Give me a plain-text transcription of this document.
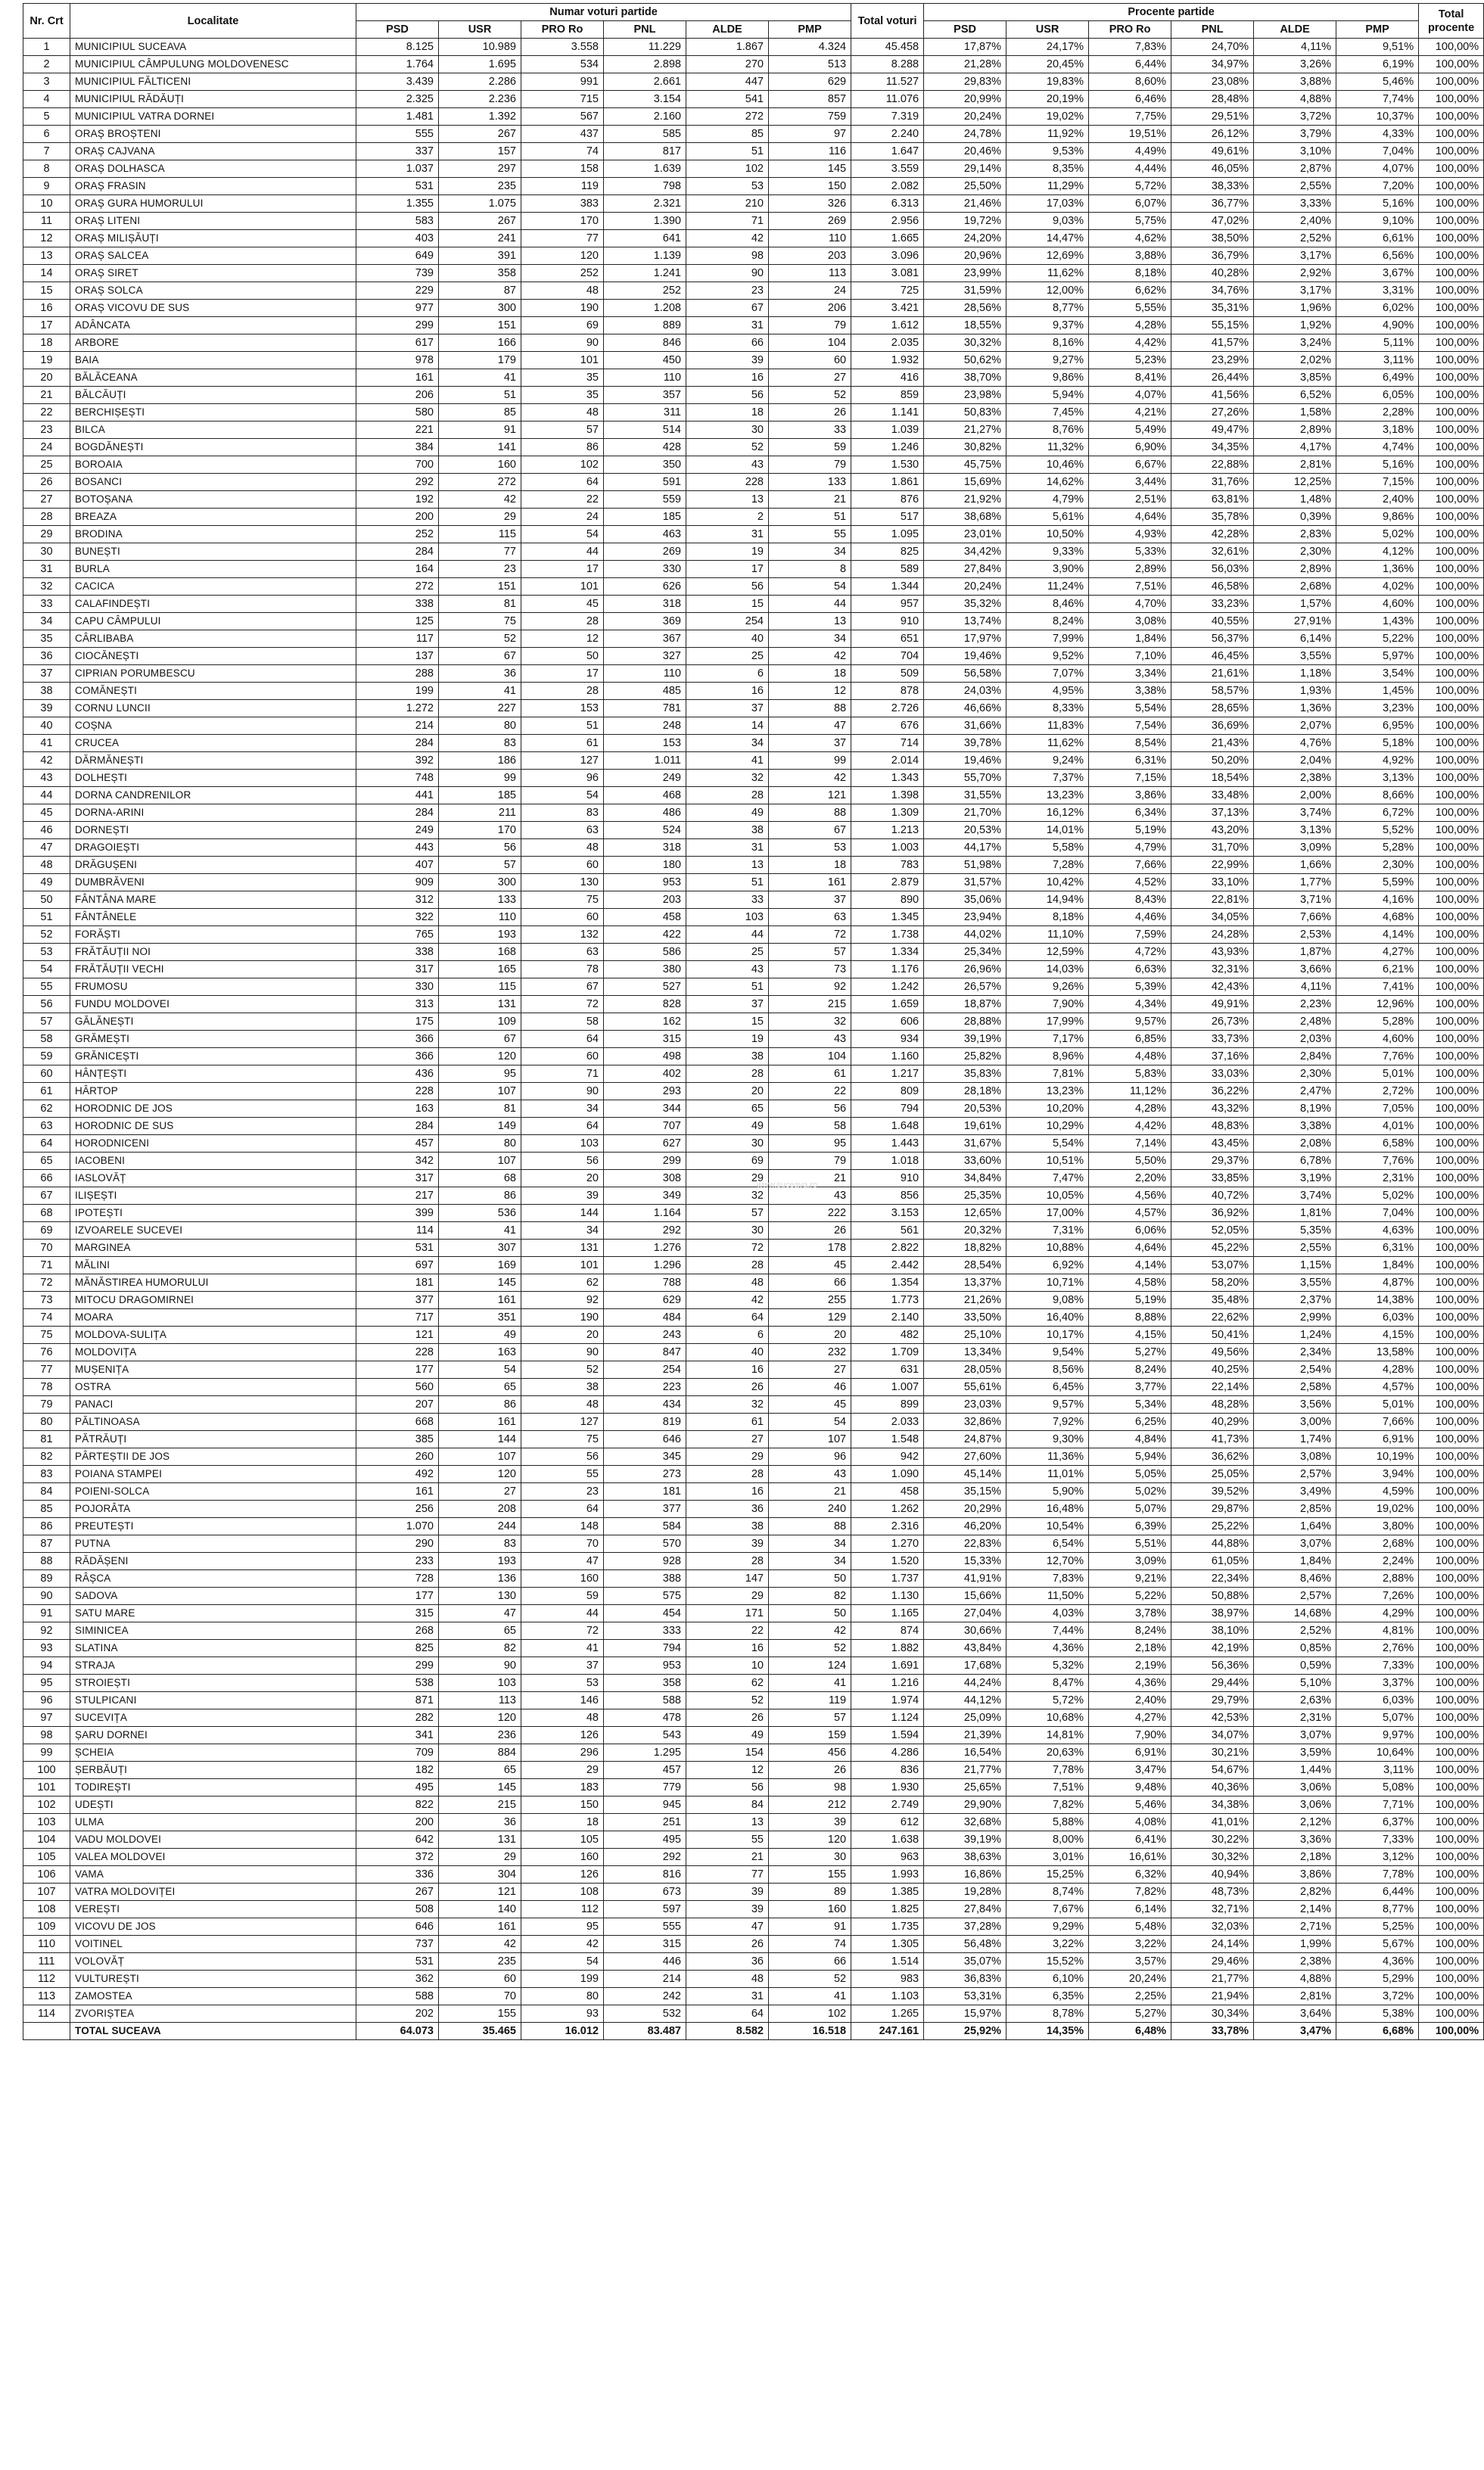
Nr. Crt	Localitate	Numar voturi partide						Total voturi	Procente partide						Total procente
		PSD	USR	PRO Ro	PNL	ALDE	PMP		PSD	USR	PRO Ro	PNL	ALDE	PMP	
1	MUNICIPIUL SUCEAVA	8.125	10.989	3.558	11.229	1.867	4.324	45.458	17,87%	24,17%	7,83%	24,70%	4,11%	9,51%	100,00%
2	MUNICIPIUL CÂMPULUNG MOLDOVENESC	1.764	1.695	534	2.898	270	513	8.288	21,28%	20,45%	6,44%	34,97%	3,26%	6,19%	100,00%
3	MUNICIPIUL FĂLTICENI	3.439	2.286	991	2.661	447	629	11.527	29,83%	19,83%	8,60%	23,08%	3,88%	5,46%	100,00%
4	MUNICIPIUL RĂDĂUȚI	2.325	2.236	715	3.154	541	857	11.076	20,99%	20,19%	6,46%	28,48%	4,88%	7,74%	100,00%
5	MUNICIPIUL VATRA DORNEI	1.481	1.392	567	2.160	272	759	7.319	20,24%	19,02%	7,75%	29,51%	3,72%	10,37%	100,00%
6	ORAȘ BROȘTENI	555	267	437	585	85	97	2.240	24,78%	11,92%	19,51%	26,12%	3,79%	4,33%	100,00%
7	ORAȘ CAJVANA	337	157	74	817	51	116	1.647	20,46%	9,53%	4,49%	49,61%	3,10%	7,04%	100,00%
8	ORAȘ DOLHASCA	1.037	297	158	1.639	102	145	3.559	29,14%	8,35%	4,44%	46,05%	2,87%	4,07%	100,00%
9	ORAȘ FRASIN	531	235	119	798	53	150	2.082	25,50%	11,29%	5,72%	38,33%	2,55%	7,20%	100,00%
10	ORAȘ GURA HUMORULUI	1.355	1.075	383	2.321	210	326	6.313	21,46%	17,03%	6,07%	36,77%	3,33%	5,16%	100,00%
11	ORAȘ LITENI	583	267	170	1.390	71	269	2.956	19,72%	9,03%	5,75%	47,02%	2,40%	9,10%	100,00%
12	ORAȘ MILIȘĂUȚI	403	241	77	641	42	110	1.665	24,20%	14,47%	4,62%	38,50%	2,52%	6,61%	100,00%
13	ORAȘ SALCEA	649	391	120	1.139	98	203	3.096	20,96%	12,69%	3,88%	36,79%	3,17%	6,56%	100,00%
14	ORAȘ SIRET	739	358	252	1.241	90	113	3.081	23,99%	11,62%	8,18%	40,28%	2,92%	3,67%	100,00%
15	ORAȘ SOLCA	229	87	48	252	23	24	725	31,59%	12,00%	6,62%	34,76%	3,17%	3,31%	100,00%
16	ORAȘ VICOVU DE SUS	977	300	190	1.208	67	206	3.421	28,56%	8,77%	5,55%	35,31%	1,96%	6,02%	100,00%
17	ADÂNCATA	299	151	69	889	31	79	1.612	18,55%	9,37%	4,28%	55,15%	1,92%	4,90%	100,00%
18	ARBORE	617	166	90	846	66	104	2.035	30,32%	8,16%	4,42%	41,57%	3,24%	5,11%	100,00%
19	BAIA	978	179	101	450	39	60	1.932	50,62%	9,27%	5,23%	23,29%	2,02%	3,11%	100,00%
20	BĂLĂCEANA	161	41	35	110	16	27	416	38,70%	9,86%	8,41%	26,44%	3,85%	6,49%	100,00%
21	BĂLCĂUȚI	206	51	35	357	56	52	859	23,98%	5,94%	4,07%	41,56%	6,52%	6,05%	100,00%
22	BERCHIȘEȘTI	580	85	48	311	18	26	1.141	50,83%	7,45%	4,21%	27,26%	1,58%	2,28%	100,00%
23	BILCA	221	91	57	514	30	33	1.039	21,27%	8,76%	5,49%	49,47%	2,89%	3,18%	100,00%
24	BOGDĂNEȘTI	384	141	86	428	52	59	1.246	30,82%	11,32%	6,90%	34,35%	4,17%	4,74%	100,00%
25	BOROAIA	700	160	102	350	43	79	1.530	45,75%	10,46%	6,67%	22,88%	2,81%	5,16%	100,00%
26	BOSANCI	292	272	64	591	228	133	1.861	15,69%	14,62%	3,44%	31,76%	12,25%	7,15%	100,00%
27	BOTOȘANA	192	42	22	559	13	21	876	21,92%	4,79%	2,51%	63,81%	1,48%	2,40%	100,00%
28	BREAZA	200	29	24	185	2	51	517	38,68%	5,61%	4,64%	35,78%	0,39%	9,86%	100,00%
29	BRODINA	252	115	54	463	31	55	1.095	23,01%	10,50%	4,93%	42,28%	2,83%	5,02%	100,00%
30	BUNEȘTI	284	77	44	269	19	34	825	34,42%	9,33%	5,33%	32,61%	2,30%	4,12%	100,00%
31	BURLA	164	23	17	330	17	8	589	27,84%	3,90%	2,89%	56,03%	2,89%	1,36%	100,00%
32	CACICA	272	151	101	626	56	54	1.344	20,24%	11,24%	7,51%	46,58%	2,68%	4,02%	100,00%
33	CALAFINDEȘTI	338	81	45	318	15	44	957	35,32%	8,46%	4,70%	33,23%	1,57%	4,60%	100,00%
34	CAPU CÂMPULUI	125	75	28	369	254	13	910	13,74%	8,24%	3,08%	40,55%	27,91%	1,43%	100,00%
35	CÂRLIBABA	117	52	12	367	40	34	651	17,97%	7,99%	1,84%	56,37%	6,14%	5,22%	100,00%
36	CIOCĂNEȘTI	137	67	50	327	25	42	704	19,46%	9,52%	7,10%	46,45%	3,55%	5,97%	100,00%
37	CIPRIAN PORUMBESCU	288	36	17	110	6	18	509	56,58%	7,07%	3,34%	21,61%	1,18%	3,54%	100,00%
38	COMĂNEȘTI	199	41	28	485	16	12	878	24,03%	4,95%	3,38%	58,57%	1,93%	1,45%	100,00%
39	CORNU LUNCII	1.272	227	153	781	37	88	2.726	46,66%	8,33%	5,54%	28,65%	1,36%	3,23%	100,00%
40	COȘNA	214	80	51	248	14	47	676	31,66%	11,83%	7,54%	36,69%	2,07%	6,95%	100,00%
41	CRUCEA	284	83	61	153	34	37	714	39,78%	11,62%	8,54%	21,43%	4,76%	5,18%	100,00%
42	DĂRMĂNEȘTI	392	186	127	1.011	41	99	2.014	19,46%	9,24%	6,31%	50,20%	2,04%	4,92%	100,00%
43	DOLHEȘTI	748	99	96	249	32	42	1.343	55,70%	7,37%	7,15%	18,54%	2,38%	3,13%	100,00%
44	DORNA CANDRENILOR	441	185	54	468	28	121	1.398	31,55%	13,23%	3,86%	33,48%	2,00%	8,66%	100,00%
45	DORNA-ARINI	284	211	83	486	49	88	1.309	21,70%	16,12%	6,34%	37,13%	3,74%	6,72%	100,00%
46	DORNEȘTI	249	170	63	524	38	67	1.213	20,53%	14,01%	5,19%	43,20%	3,13%	5,52%	100,00%
47	DRAGOIEȘTI	443	56	48	318	31	53	1.003	44,17%	5,58%	4,79%	31,70%	3,09%	5,28%	100,00%
48	DRĂGUȘENI	407	57	60	180	13	18	783	51,98%	7,28%	7,66%	22,99%	1,66%	2,30%	100,00%
49	DUMBRĂVENI	909	300	130	953	51	161	2.879	31,57%	10,42%	4,52%	33,10%	1,77%	5,59%	100,00%
50	FÂNTÂNA MARE	312	133	75	203	33	37	890	35,06%	14,94%	8,43%	22,81%	3,71%	4,16%	100,00%
51	FÂNTÂNELE	322	110	60	458	103	63	1.345	23,94%	8,18%	4,46%	34,05%	7,66%	4,68%	100,00%
52	FORĂȘTI	765	193	132	422	44	72	1.738	44,02%	11,10%	7,59%	24,28%	2,53%	4,14%	100,00%
53	FRĂTĂUȚII NOI	338	168	63	586	25	57	1.334	25,34%	12,59%	4,72%	43,93%	1,87%	4,27%	100,00%
54	FRĂTĂUȚII VECHI	317	165	78	380	43	73	1.176	26,96%	14,03%	6,63%	32,31%	3,66%	6,21%	100,00%
55	FRUMOSU	330	115	67	527	51	92	1.242	26,57%	9,26%	5,39%	42,43%	4,11%	7,41%	100,00%
56	FUNDU MOLDOVEI	313	131	72	828	37	215	1.659	18,87%	7,90%	4,34%	49,91%	2,23%	12,96%	100,00%
57	GĂLĂNEȘTI	175	109	58	162	15	32	606	28,88%	17,99%	9,57%	26,73%	2,48%	5,28%	100,00%
58	GRĂMEȘTI	366	67	64	315	19	43	934	39,19%	7,17%	6,85%	33,73%	2,03%	4,60%	100,00%
59	GRĂNICEȘTI	366	120	60	498	38	104	1.160	25,82%	8,96%	4,48%	37,16%	2,84%	7,76%	100,00%
60	HÂNȚEȘTI	436	95	71	402	28	61	1.217	35,83%	7,81%	5,83%	33,03%	2,30%	5,01%	100,00%
61	HÂRTOP	228	107	90	293	20	22	809	28,18%	13,23%	11,12%	36,22%	2,47%	2,72%	100,00%
62	HORODNIC DE JOS	163	81	34	344	65	56	794	20,53%	10,20%	4,28%	43,32%	8,19%	7,05%	100,00%
63	HORODNIC DE SUS	284	149	64	707	49	58	1.648	19,61%	10,29%	4,42%	48,83%	3,38%	4,01%	100,00%
64	HORODNICENI	457	80	103	627	30	95	1.443	31,67%	5,54%	7,14%	43,45%	2,08%	6,58%	100,00%
65	IACOBENI	342	107	56	299	69	79	1.018	33,60%	10,51%	5,50%	29,37%	6,78%	7,76%	100,00%
66	IASLOVĂȚ	317	68	20	308	29	21	910	34,84%	7,47%	2,20%	33,85%	3,19%	2,31%	100,00%
67	ILIȘEȘTI	217	86	39	349	32	43	856	25,35%	10,05%	4,56%	40,72%	3,74%	5,02%	100,00%
68	IPOTEȘTI	399	536	144	1.164	57	222	3.153	12,65%	17,00%	4,57%	36,92%	1,81%	7,04%	100,00%
69	IZVOARELE SUCEVEI	114	41	34	292	30	26	561	20,32%	7,31%	6,06%	52,05%	5,35%	4,63%	100,00%
70	MARGINEA	531	307	131	1.276	72	178	2.822	18,82%	10,88%	4,64%	45,22%	2,55%	6,31%	100,00%
71	MĂLINI	697	169	101	1.296	28	45	2.442	28,54%	6,92%	4,14%	53,07%	1,15%	1,84%	100,00%
72	MĂNĂSTIREA HUMORULUI	181	145	62	788	48	66	1.354	13,37%	10,71%	4,58%	58,20%	3,55%	4,87%	100,00%
73	MITOCU DRAGOMIRNEI	377	161	92	629	42	255	1.773	21,26%	9,08%	5,19%	35,48%	2,37%	14,38%	100,00%
74	MOARA	717	351	190	484	64	129	2.140	33,50%	16,40%	8,88%	22,62%	2,99%	6,03%	100,00%
75	MOLDOVA-SULIȚA	121	49	20	243	6	20	482	25,10%	10,17%	4,15%	50,41%	1,24%	4,15%	100,00%
76	MOLDOVIȚA	228	163	90	847	40	232	1.709	13,34%	9,54%	5,27%	49,56%	2,34%	13,58%	100,00%
77	MUȘENIȚA	177	54	52	254	16	27	631	28,05%	8,56%	8,24%	40,25%	2,54%	4,28%	100,00%
78	OSTRA	560	65	38	223	26	46	1.007	55,61%	6,45%	3,77%	22,14%	2,58%	4,57%	100,00%
79	PANACI	207	86	48	434	32	45	899	23,03%	9,57%	5,34%	48,28%	3,56%	5,01%	100,00%
80	PĂLTINOASA	668	161	127	819	61	54	2.033	32,86%	7,92%	6,25%	40,29%	3,00%	7,66%	100,00%
81	PĂTRĂUȚI	385	144	75	646	27	107	1.548	24,87%	9,30%	4,84%	41,73%	1,74%	6,91%	100,00%
82	PÂRTEȘTII DE JOS	260	107	56	345	29	96	942	27,60%	11,36%	5,94%	36,62%	3,08%	10,19%	100,00%
83	POIANA STAMPEI	492	120	55	273	28	43	1.090	45,14%	11,01%	5,05%	25,05%	2,57%	3,94%	100,00%
84	POIENI-SOLCA	161	27	23	181	16	21	458	35,15%	5,90%	5,02%	39,52%	3,49%	4,59%	100,00%
85	POJORÂTA	256	208	64	377	36	240	1.262	20,29%	16,48%	5,07%	29,87%	2,85%	19,02%	100,00%
86	PREUTEȘTI	1.070	244	148	584	38	88	2.316	46,20%	10,54%	6,39%	25,22%	1,64%	3,80%	100,00%
87	PUTNA	290	83	70	570	39	34	1.270	22,83%	6,54%	5,51%	44,88%	3,07%	2,68%	100,00%
88	RĂDĂȘENI	233	193	47	928	28	34	1.520	15,33%	12,70%	3,09%	61,05%	1,84%	2,24%	100,00%
89	RÂȘCA	728	136	160	388	147	50	1.737	41,91%	7,83%	9,21%	22,34%	8,46%	2,88%	100,00%
90	SADOVA	177	130	59	575	29	82	1.130	15,66%	11,50%	5,22%	50,88%	2,57%	7,26%	100,00%
91	SATU MARE	315	47	44	454	171	50	1.165	27,04%	4,03%	3,78%	38,97%	14,68%	4,29%	100,00%
92	SIMINICEA	268	65	72	333	22	42	874	30,66%	7,44%	8,24%	38,10%	2,52%	4,81%	100,00%
93	SLATINA	825	82	41	794	16	52	1.882	43,84%	4,36%	2,18%	42,19%	0,85%	2,76%	100,00%
94	STRAJA	299	90	37	953	10	124	1.691	17,68%	5,32%	2,19%	56,36%	0,59%	7,33%	100,00%
95	STROIEȘTI	538	103	53	358	62	41	1.216	44,24%	8,47%	4,36%	29,44%	5,10%	3,37%	100,00%
96	STULPICANI	871	113	146	588	52	119	1.974	44,12%	5,72%	2,40%	29,79%	2,63%	6,03%	100,00%
97	SUCEVIȚA	282	120	48	478	26	57	1.124	25,09%	10,68%	4,27%	42,53%	2,31%	5,07%	100,00%
98	ȘARU DORNEI	341	236	126	543	49	159	1.594	21,39%	14,81%	7,90%	34,07%	3,07%	9,97%	100,00%
99	ȘCHEIA	709	884	296	1.295	154	456	4.286	16,54%	20,63%	6,91%	30,21%	3,59%	10,64%	100,00%
100	ȘERBĂUȚI	182	65	29	457	12	26	836	21,77%	7,78%	3,47%	54,67%	1,44%	3,11%	100,00%
101	TODIREȘTI	495	145	183	779	56	98	1.930	25,65%	7,51%	9,48%	40,36%	3,06%	5,08%	100,00%
102	UDEȘTI	822	215	150	945	84	212	2.749	29,90%	7,82%	5,46%	34,38%	3,06%	7,71%	100,00%
103	ULMA	200	36	18	251	13	39	612	32,68%	5,88%	4,08%	41,01%	2,12%	6,37%	100,00%
104	VADU MOLDOVEI	642	131	105	495	55	120	1.638	39,19%	8,00%	6,41%	30,22%	3,36%	7,33%	100,00%
105	VALEA MOLDOVEI	372	29	160	292	21	30	963	38,63%	3,01%	16,61%	30,32%	2,18%	3,12%	100,00%
106	VAMA	336	304	126	816	77	155	1.993	16,86%	15,25%	6,32%	40,94%	3,86%	7,78%	100,00%
107	VATRA MOLDOVIȚEI	267	121	108	673	39	89	1.385	19,28%	8,74%	7,82%	48,73%	2,82%	6,44%	100,00%
108	VEREȘTI	508	140	112	597	39	160	1.825	27,84%	7,67%	6,14%	32,71%	2,14%	8,77%	100,00%
109	VICOVU DE JOS	646	161	95	555	47	91	1.735	37,28%	9,29%	5,48%	32,03%	2,71%	5,25%	100,00%
110	VOITINEL	737	42	42	315	26	74	1.305	56,48%	3,22%	3,22%	24,14%	1,99%	5,67%	100,00%
111	VOLOVĂȚ	531	235	54	446	36	66	1.514	35,07%	15,52%	3,57%	29,46%	2,38%	4,36%	100,00%
112	VULTUREȘTI	362	60	199	214	48	52	983	36,83%	6,10%	20,24%	21,77%	4,88%	5,29%	100,00%
113	ZAMOSTEA	588	70	80	242	31	41	1.103	53,31%	6,35%	2,25%	21,94%	2,81%	3,72%	100,00%
114	ZVORIȘTEA	202	155	93	532	64	102	1.265	15,97%	8,78%	5,27%	30,34%	3,64%	5,38%	100,00%
	TOTAL SUCEAVA	64.073	35.465	16.012	83.487	8.582	16.518	247.161	25,92%	14,35%	6,48%	33,78%	3,47%	6,68%	100,00%
www.suceava.ro
